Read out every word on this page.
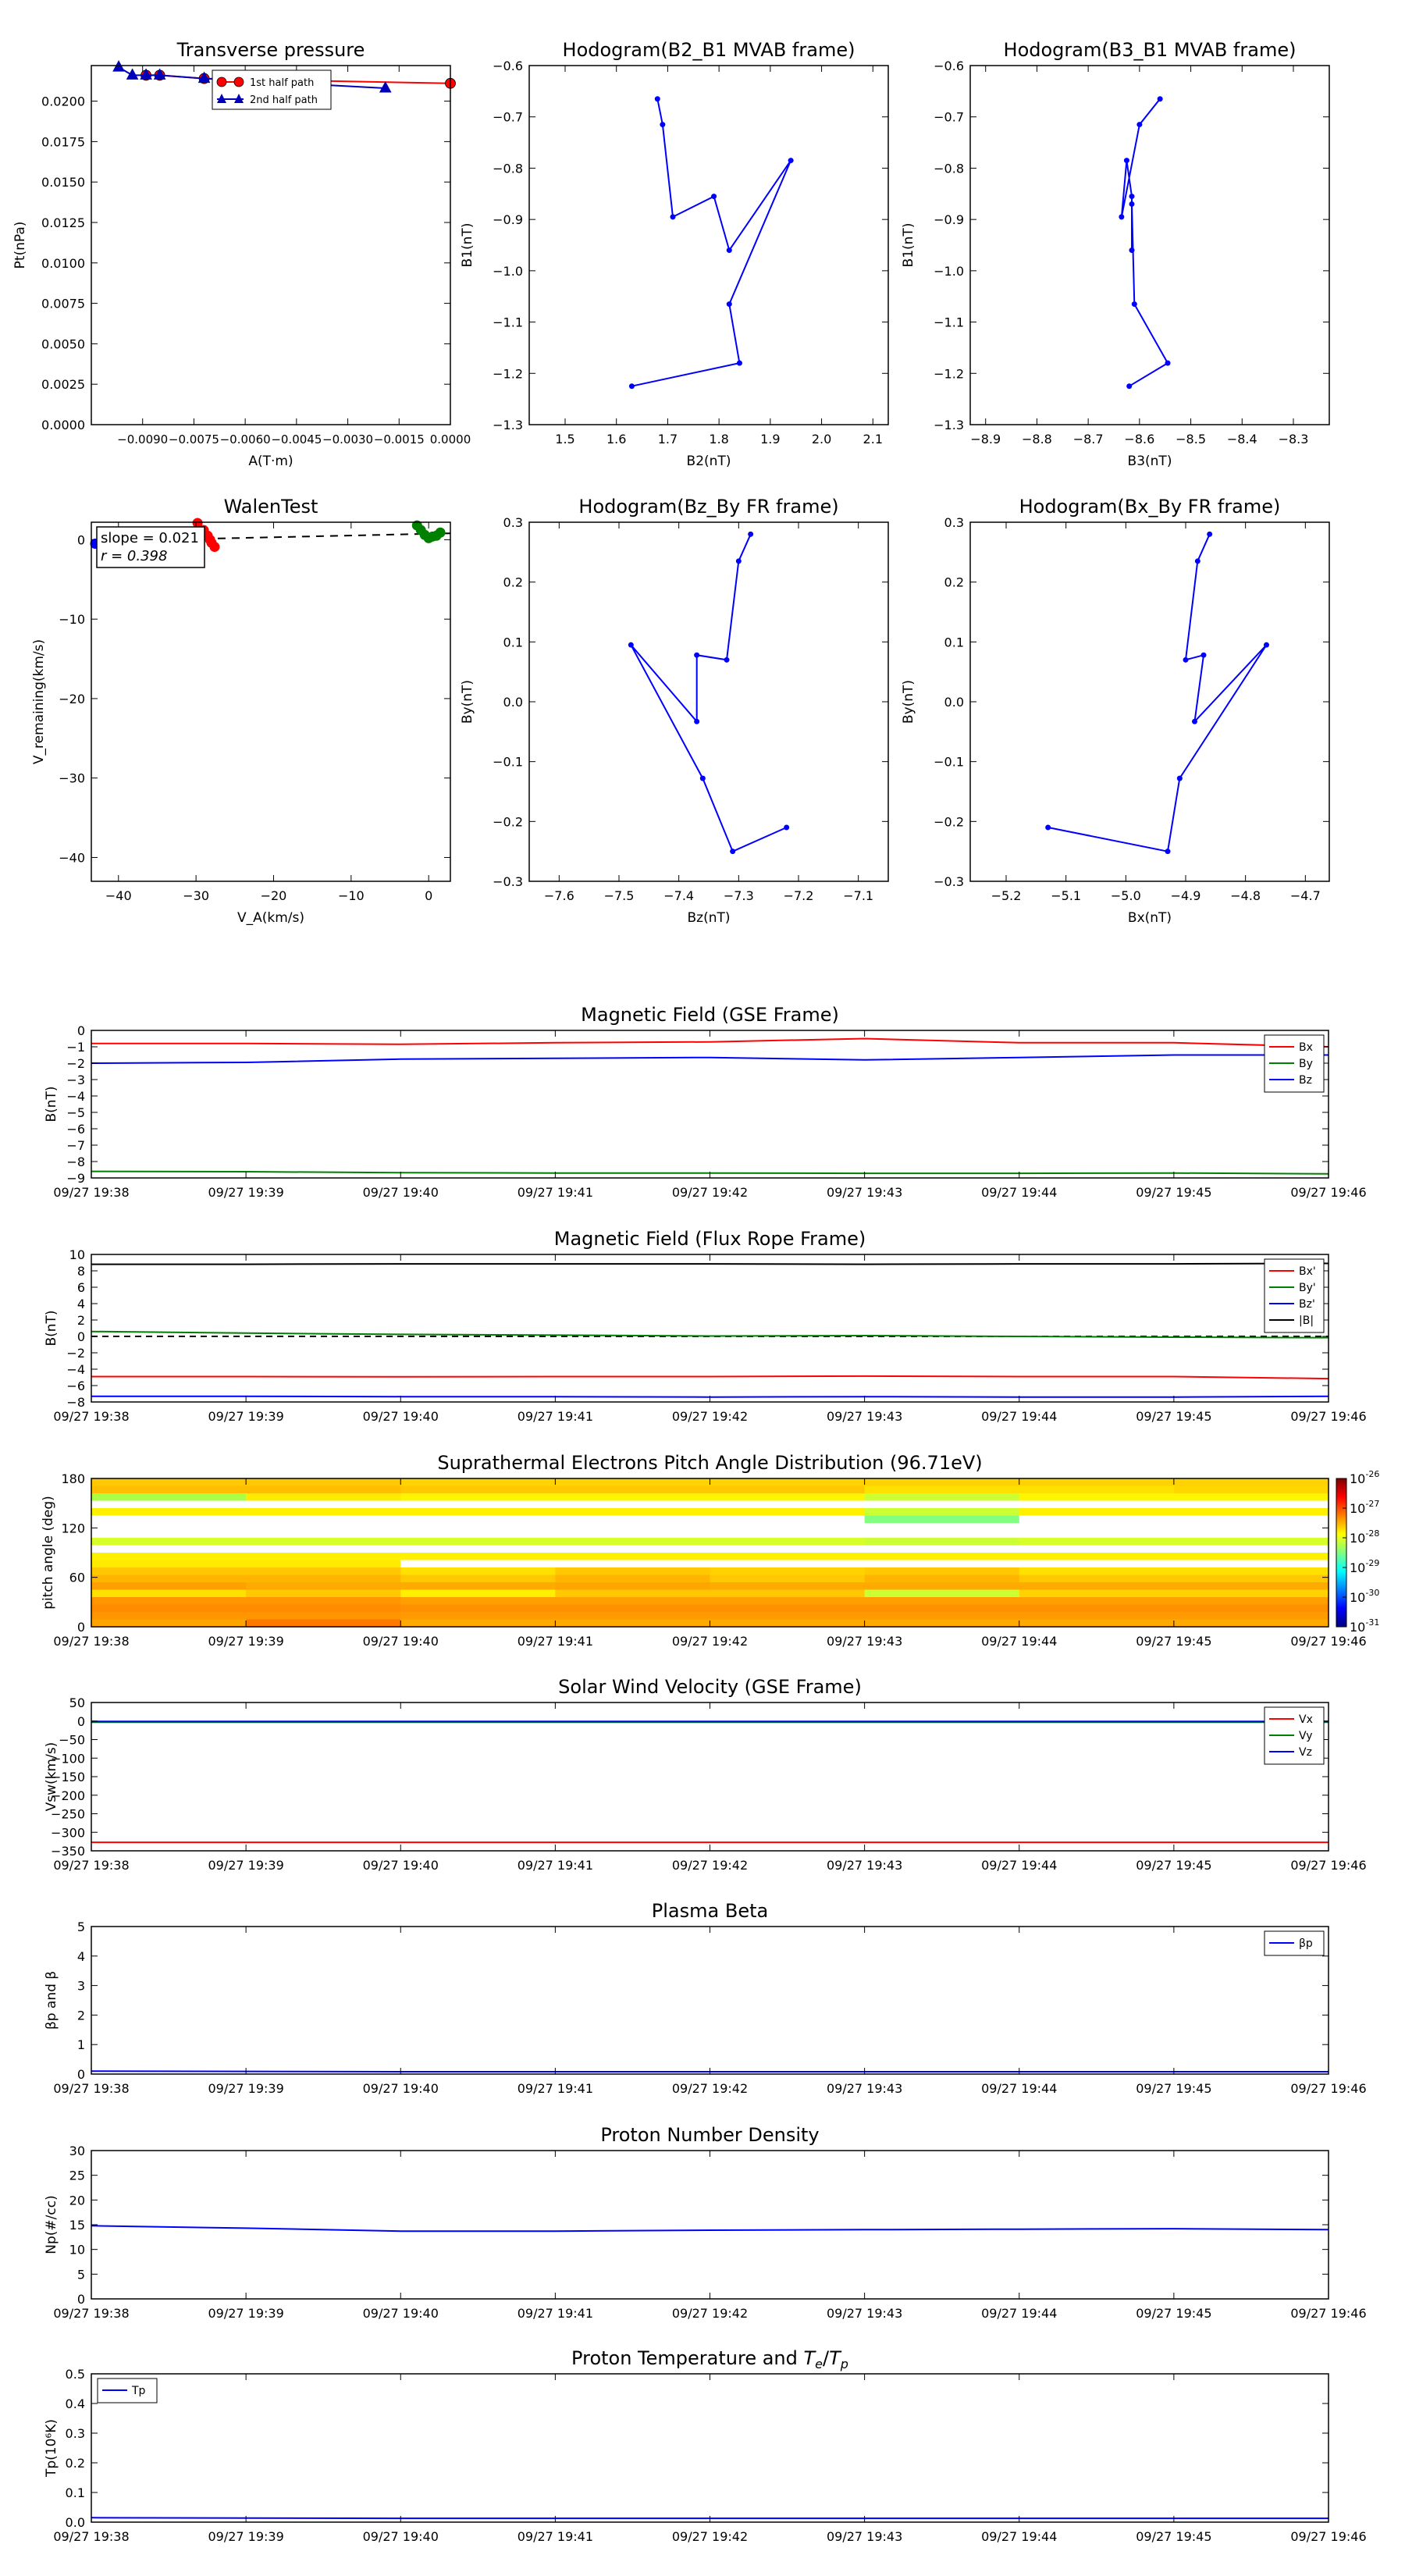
Transverse pressure
−0.0090 −0.0075 −0.0060 −0.0045 −0.0030 −0.0015 0.0000
0.0000
0.0025
0.0050
0.0075
0.0100
0.0125
0.0150
0.0175
0.0200
A(T·m)
Pt(nPa)
1st half path
2nd half path
Hodogram(B2_B1 MVAB frame)
1.5	1.6	1.7	1.8	1.9	2.0	2.1
−1.3
−1.2
−1.1
−1.0
−0.9
−0.8
−0.7
−0.6
B2(nT)
B1(nT)
Hodogram(B3_B1 MVAB frame)
−8.9 −8.8 −8.7 −8.6 −8.5 −8.4 −8.3
−1.3
−1.2
−1.1
−1.0
−0.9
−0.8
−0.7
−0.6
B3(nT)
B1(nT)
WalenTest
−40	−30	−20	−10	0
−40
−30
−20
−10
0
V_A(km/s)
V_remaining(km/s)
slope = 0.021
r = 0.398
Hodogram(Bz_By FR frame)
−7.6 −7.5 −7.4 −7.3 −7.2 −7.1
−0.3
−0.2
−0.1
0.0
0.1
0.2
0.3
Bz(nT)
By(nT)
Hodogram(Bx_By FR frame)
−5.2 −5.1 −5.0 −4.9 −4.8 −4.7
−0.3
−0.2
−0.1
0.0
0.1
0.2
0.3
Bx(nT)
By(nT)
Magnetic Field (GSE Frame)
09/27 19:38	09/27 19:39	09/27 19:40	09/27 19:41	09/27 19:42	09/27 19:43	09/27 19:44	09/27 19:45	09/27 19:46
0
−1
−2
−3
−4
−5
−6
−7
−8
−9
B(nT)
Bx
By
Bz
Magnetic Field (Flux Rope Frame)
09/27 19:38	09/27 19:39	09/27 19:40	09/27 19:41	09/27 19:42	09/27 19:43	09/27 19:44	09/27 19:45	09/27 19:46
10
8
6
4
2
0
−2
−4
−6
−8
B(nT)
Bx'
By'
Bz'
|B|
Solar Wind Velocity (GSE Frame)
09/27 19:38	09/27 19:39	09/27 19:40	09/27 19:41	09/27 19:42	09/27 19:43	09/27 19:44	09/27 19:45	09/27 19:46
50
0
−50
−100
−150
−200
−250
−300
−350
Vsw(km/s)
Vx
Vy
Vz
Plasma Beta
09/27 19:38	09/27 19:39	09/27 19:40	09/27 19:41	09/27 19:42	09/27 19:43	09/27 19:44	09/27 19:45	09/27 19:46
5
4
3
2
1
0
βp and β
βp
Proton Number Density
09/27 19:38	09/27 19:39	09/27 19:40	09/27 19:41	09/27 19:42	09/27 19:43	09/27 19:44	09/27 19:45	09/27 19:46
30
25
20
15
10
5
0
Np(#/cc)
Proton Temperature and $T_e/T_p$
09/27 19:38	09/27 19:39	09/27 19:40	09/27 19:41	09/27 19:42	09/27 19:43	09/27 19:44	09/27 19:45	09/27 19:46
0.5
0.4
0.3
0.2
0.1
0.0
Tp(10⁶K)
Tp
Suprathermal Electrons Pitch Angle Distribution (96.71eV)
09/27 19:38	09/27 19:39	09/27 19:40	09/27 19:41	09/27 19:42	09/27 19:43	09/27 19:44	09/27 19:45	09/27 19:46
0
60
120
180
pitch angle (deg)
$10^{-31}$
$10^{-30}$
$10^{-29}$
$10^{-28}$
$10^{-27}$
$10^{-26}$
